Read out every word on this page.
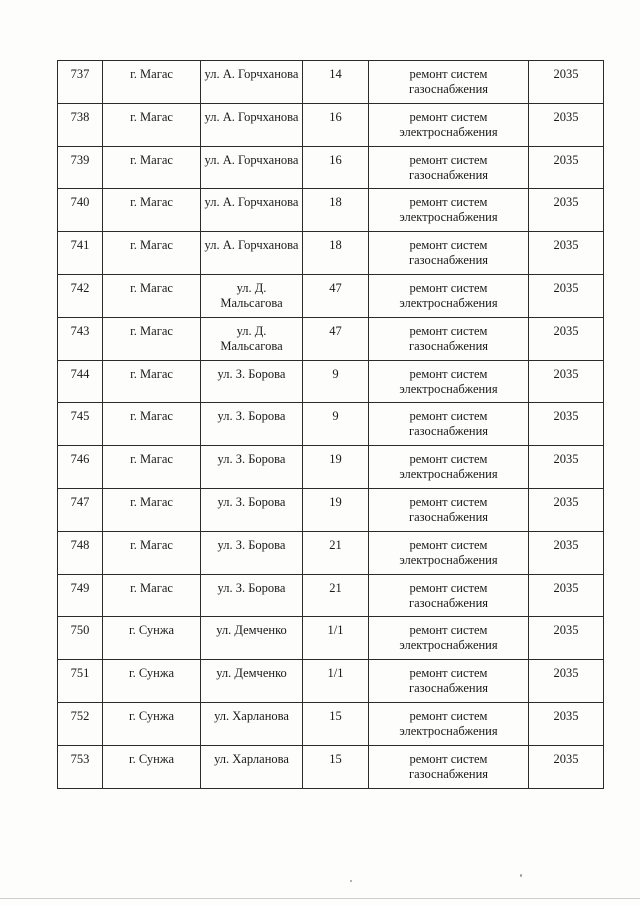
737	г. Магас	ул. А. Горчханова	14	ремонт систем газоснабжения	2035
738	г. Магас	ул. А. Горчханова	16	ремонт систем электроснабжения	2035
739	г. Магас	ул. А. Горчханова	16	ремонт систем газоснабжения	2035
740	г. Магас	ул. А. Горчханова	18	ремонт систем электроснабжения	2035
741	г. Магас	ул. А. Горчханова	18	ремонт систем газоснабжения	2035
742	г. Магас	ул. Д. Мальсагова	47	ремонт систем электроснабжения	2035
743	г. Магас	ул. Д. Мальсагова	47	ремонт систем газоснабжения	2035
744	г. Магас	ул. З. Борова	9	ремонт систем электроснабжения	2035
745	г. Магас	ул. З. Борова	9	ремонт систем газоснабжения	2035
746	г. Магас	ул. З. Борова	19	ремонт систем электроснабжения	2035
747	г. Магас	ул. З. Борова	19	ремонт систем газоснабжения	2035
748	г. Магас	ул. З. Борова	21	ремонт систем электроснабжения	2035
749	г. Магас	ул. З. Борова	21	ремонт систем газоснабжения	2035
750	г. Сунжа	ул. Демченко	1/1	ремонт систем электроснабжения	2035
751	г. Сунжа	ул. Демченко	1/1	ремонт систем газоснабжения	2035
752	г. Сунжа	ул. Харланова	15	ремонт систем электроснабжения	2035
753	г. Сунжа	ул. Харланова	15	ремонт систем газоснабжения	2035
